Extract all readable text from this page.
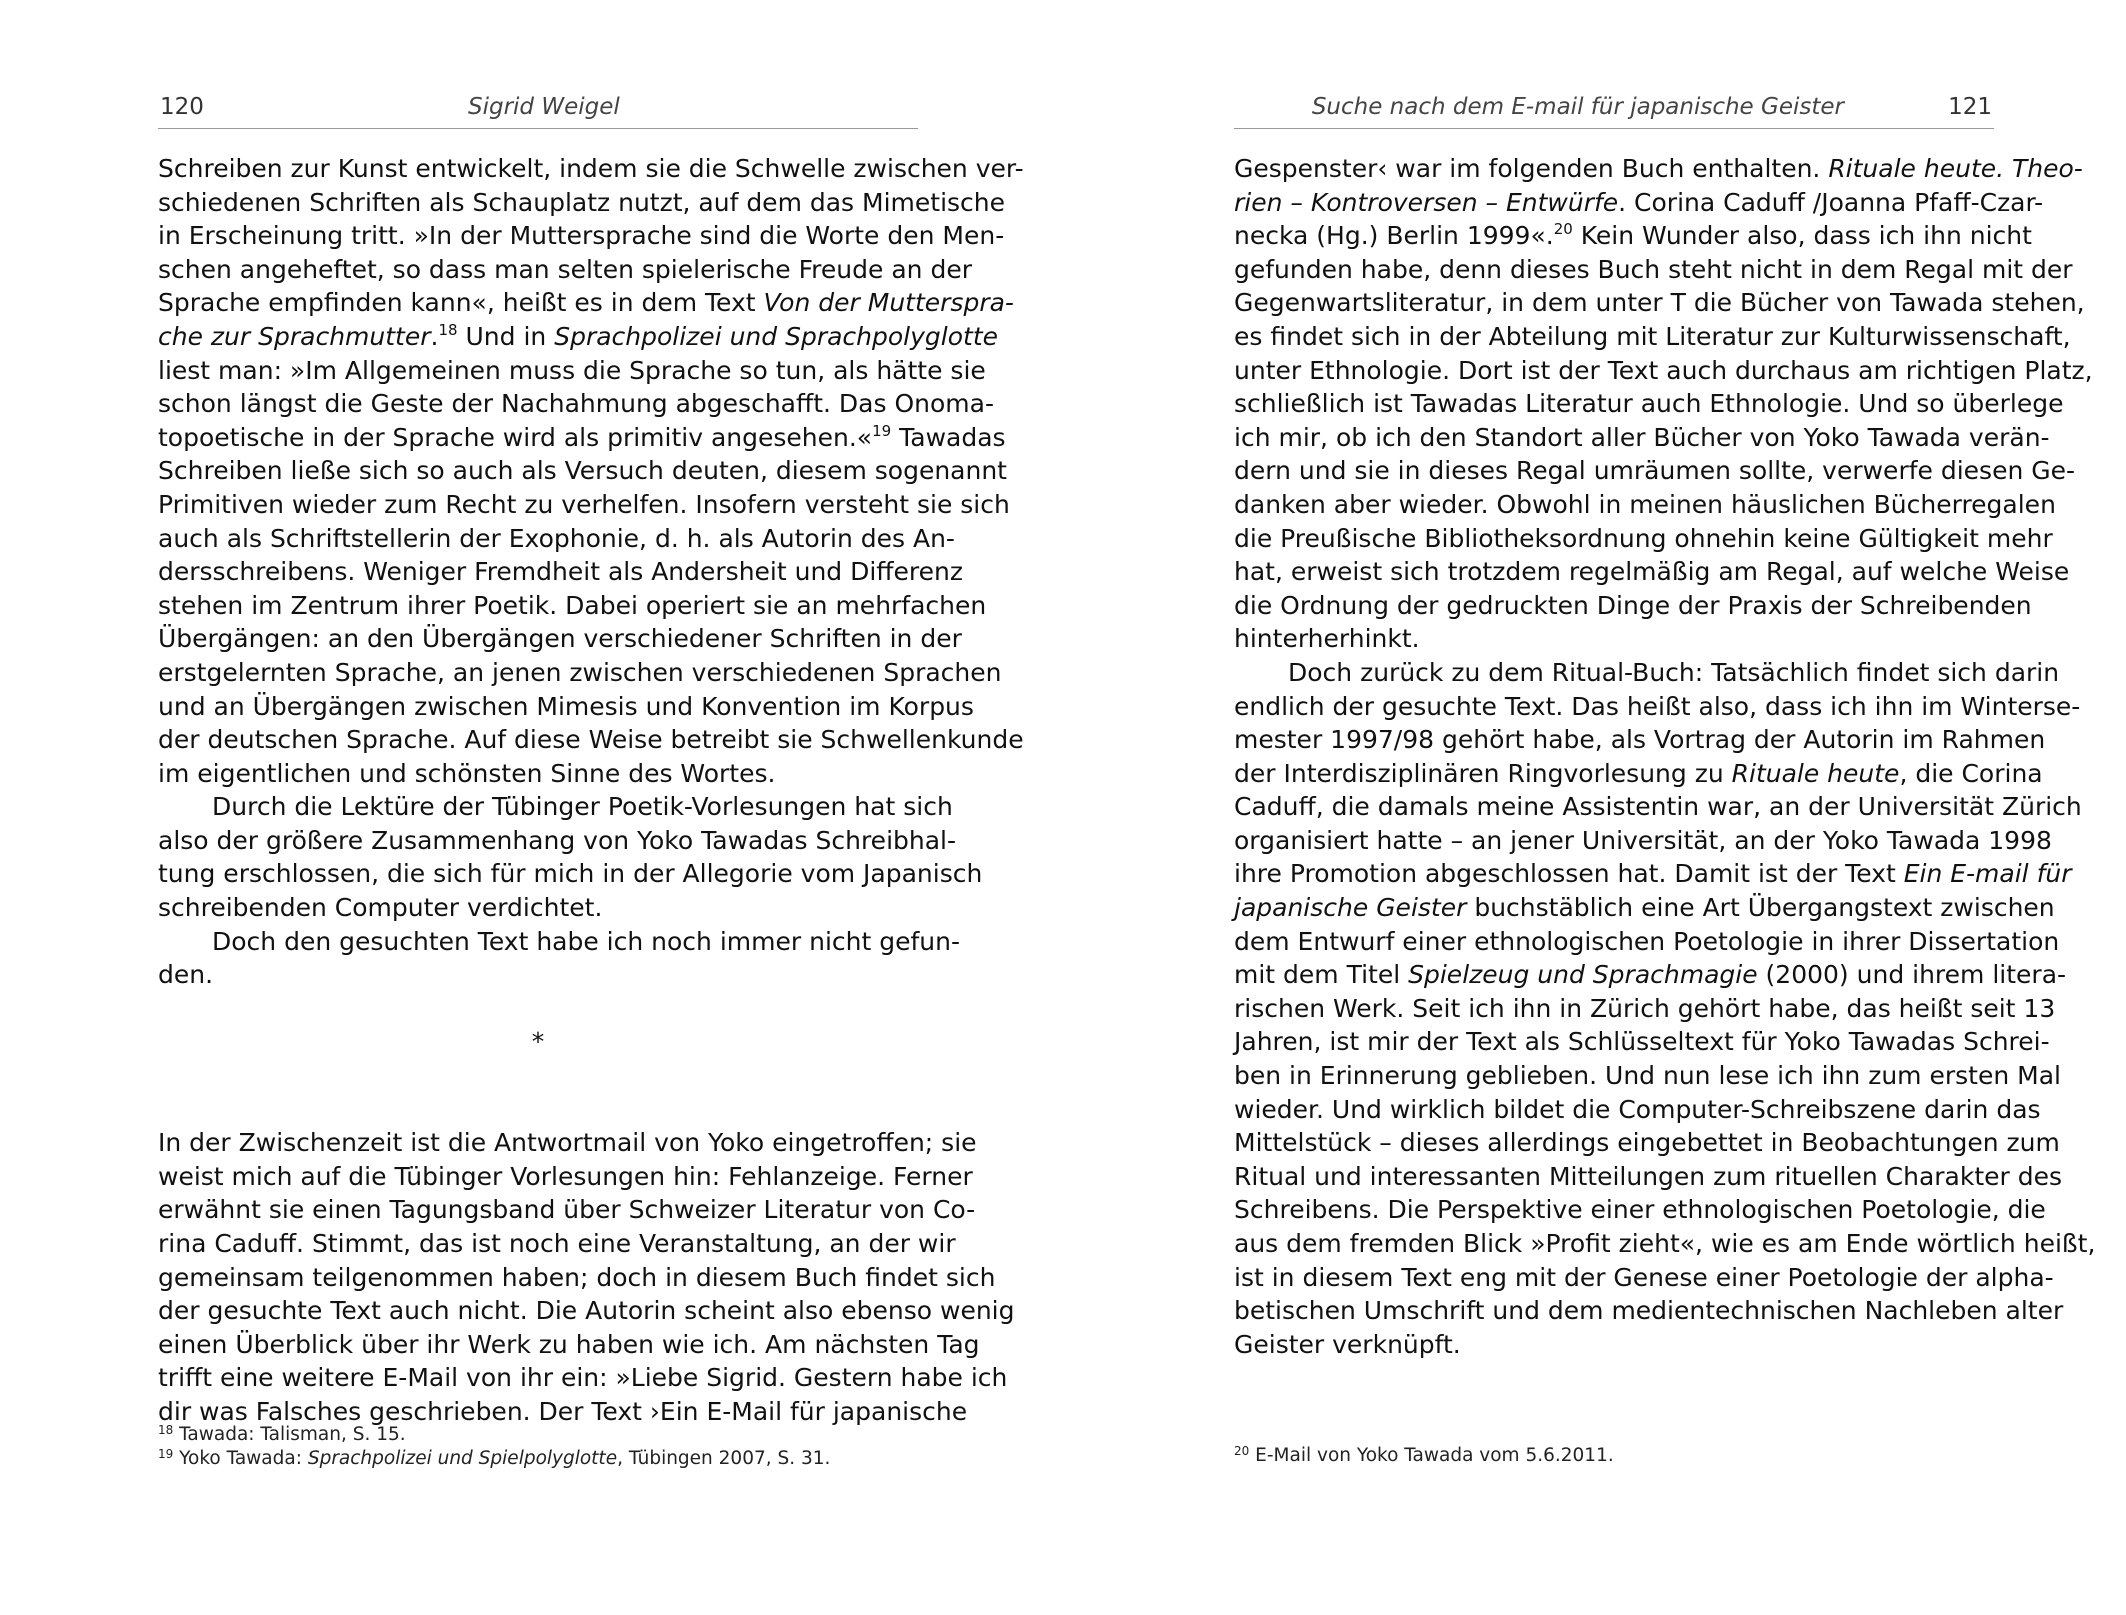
120	Sigrid Weigel
Schreiben zur Kunst entwickelt, indem sie die Schwelle zwischen ver-
schiedenen Schriften als Schauplatz nutzt, auf dem das Mimetische
in Erscheinung tritt. »In der Muttersprache sind die Worte den Men-
schen angeheftet, so dass man selten spielerische Freude an der
Sprache empfinden kann«, heißt es in dem Text Von der Mutterspra-
che zur Sprachmutter.$^{18}$ Und in Sprachpolizei und Sprachpolyglotte
liest man: »Im Allgemeinen muss die Sprache so tun, als hätte sie
schon längst die Geste der Nachahmung abgeschafft. Das Onoma-
topoetische in der Sprache wird als primitiv angesehen.«$^{19}$ Tawadas
Schreiben ließe sich so auch als Versuch deuten, diesem sogenannt
Primitiven wieder zum Recht zu verhelfen. Insofern versteht sie sich
auch als Schriftstellerin der Exophonie, d. h. als Autorin des An-
dersschreibens. Weniger Fremdheit als Andersheit und Differenz
stehen im Zentrum ihrer Poetik. Dabei operiert sie an mehrfachen
Übergängen: an den Übergängen verschiedener Schriften in der
erstgelernten Sprache, an jenen zwischen verschiedenen Sprachen
und an Übergängen zwischen Mimesis und Konvention im Korpus
der deutschen Sprache. Auf diese Weise betreibt sie Schwellenkunde
im eigentlichen und schönsten Sinne des Wortes.
Durch die Lektüre der Tübinger Poetik-Vorlesungen hat sich
also der größere Zusammenhang von Yoko Tawadas Schreibhal-
tung erschlossen, die sich für mich in der Allegorie vom Japanisch
schreibenden Computer verdichtet.
Doch den gesuchten Text habe ich noch immer nicht gefun-
den.

*

In der Zwischenzeit ist die Antwortmail von Yoko eingetroffen; sie
weist mich auf die Tübinger Vorlesungen hin: Fehlanzeige. Ferner
erwähnt sie einen Tagungsband über Schweizer Literatur von Co-
rina Caduff. Stimmt, das ist noch eine Veranstaltung, an der wir
gemeinsam teilgenommen haben; doch in diesem Buch findet sich
der gesuchte Text auch nicht. Die Autorin scheint also ebenso wenig
einen Überblick über ihr Werk zu haben wie ich. Am nächsten Tag
trifft eine weitere E-Mail von ihr ein: »Liebe Sigrid. Gestern habe ich
dir was Falsches geschrieben. Der Text ›Ein E-Mail für japanische
$^{18}$ Tawada: Talisman, S. 15.
$^{19}$ Yoko Tawada: Sprachpolizei und Spielpolyglotte, Tübingen 2007, S. 31.
Suche nach dem E-mail für japanische Geister	121
Gespenster‹ war im folgenden Buch enthalten. Rituale heute. Theo-
rien – Kontroversen – Entwürfe. Corina Caduff /Joanna Pfaff-Czar-
necka (Hg.) Berlin 1999«.$^{20}$ Kein Wunder also, dass ich ihn nicht
gefunden habe, denn dieses Buch steht nicht in dem Regal mit der
Gegenwartsliteratur, in dem unter T die Bücher von Tawada stehen,
es findet sich in der Abteilung mit Literatur zur Kulturwissenschaft,
unter Ethnologie. Dort ist der Text auch durchaus am richtigen Platz,
schließlich ist Tawadas Literatur auch Ethnologie. Und so überlege
ich mir, ob ich den Standort aller Bücher von Yoko Tawada verän-
dern und sie in dieses Regal umräumen sollte, verwerfe diesen Ge-
danken aber wieder. Obwohl in meinen häuslichen Bücherregalen
die Preußische Bibliotheksordnung ohnehin keine Gültigkeit mehr
hat, erweist sich trotzdem regelmäßig am Regal, auf welche Weise
die Ordnung der gedruckten Dinge der Praxis der Schreibenden
hinterherhinkt.
Doch zurück zu dem Ritual-Buch: Tatsächlich findet sich darin
endlich der gesuchte Text. Das heißt also, dass ich ihn im Winterse-
mester 1997/98 gehört habe, als Vortrag der Autorin im Rahmen
der Interdisziplinären Ringvorlesung zu Rituale heute, die Corina
Caduff, die damals meine Assistentin war, an der Universität Zürich
organisiert hatte – an jener Universität, an der Yoko Tawada 1998
ihre Promotion abgeschlossen hat. Damit ist der Text Ein E-mail für
japanische Geister buchstäblich eine Art Übergangstext zwischen
dem Entwurf einer ethnologischen Poetologie in ihrer Dissertation
mit dem Titel Spielzeug und Sprachmagie (2000) und ihrem litera-
rischen Werk. Seit ich ihn in Zürich gehört habe, das heißt seit 13
Jahren, ist mir der Text als Schlüsseltext für Yoko Tawadas Schrei-
ben in Erinnerung geblieben. Und nun lese ich ihn zum ersten Mal
wieder. Und wirklich bildet die Computer-Schreibszene darin das
Mittelstück – dieses allerdings eingebettet in Beobachtungen zum
Ritual und interessanten Mitteilungen zum rituellen Charakter des
Schreibens. Die Perspektive einer ethnologischen Poetologie, die
aus dem fremden Blick »Profit zieht«, wie es am Ende wörtlich heißt,
ist in diesem Text eng mit der Genese einer Poetologie der alpha-
betischen Umschrift und dem medientechnischen Nachleben alter
Geister verknüpft.
$^{20}$ E-Mail von Yoko Tawada vom 5.6.2011.
